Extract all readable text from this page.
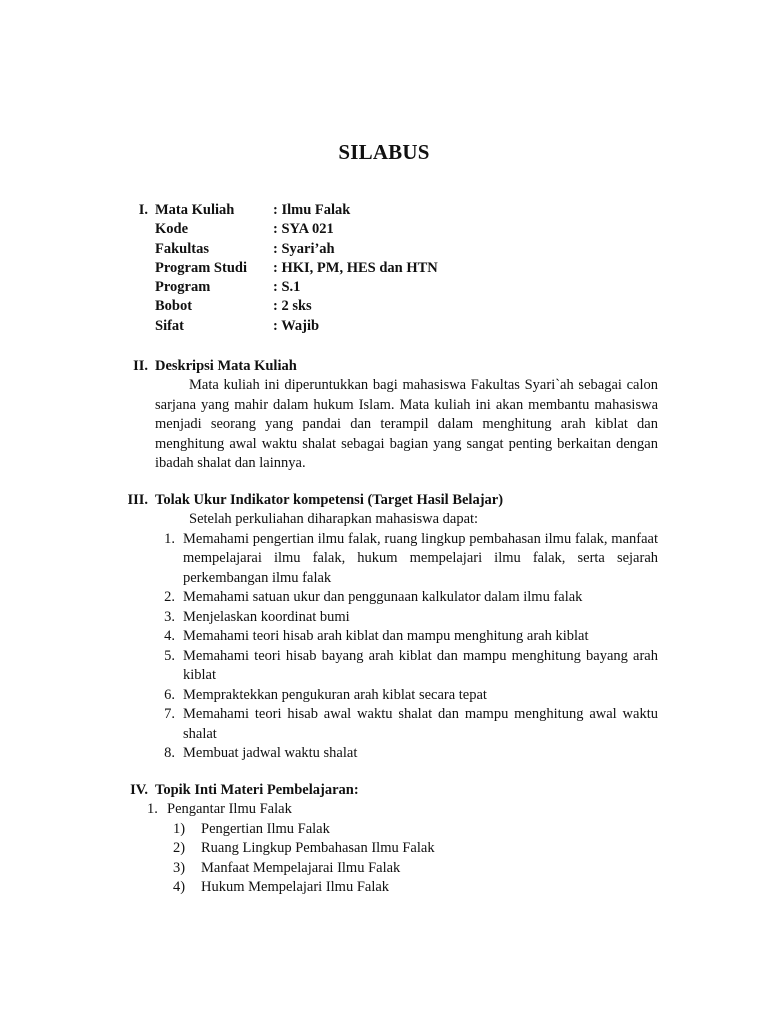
SILABUS
I. Mata Kuliah	: Ilmu Falak
Kode	: SYA 021
Fakultas	: Syari’ah
Program Studi	: HKI, PM, HES dan HTN
Program	: S.1
Bobot	: 2 sks
Sifat	: Wajib
II. Deskripsi Mata Kuliah
Mata kuliah ini diperuntukkan bagi mahasiswa Fakultas Syari`ah sebagai calon sarjana yang mahir dalam hukum Islam. Mata kuliah ini akan membantu mahasiswa menjadi seorang yang pandai dan terampil dalam menghitung arah kiblat dan menghitung awal waktu shalat sebagai bagian yang sangat penting berkaitan dengan ibadah shalat dan lainnya.
III. Tolak Ukur Indikator kompetensi (Target Hasil Belajar)
Setelah perkuliahan diharapkan mahasiswa dapat:
1. Memahami pengertian ilmu falak, ruang lingkup pembahasan ilmu falak, manfaat mempelajarai ilmu falak, hukum mempelajari ilmu falak, serta sejarah perkembangan ilmu falak
2. Memahami satuan ukur dan penggunaan kalkulator dalam ilmu falak
3. Menjelaskan koordinat bumi
4. Memahami teori hisab arah kiblat dan mampu menghitung arah kiblat
5. Memahami teori hisab bayang arah kiblat dan mampu menghitung bayang arah kiblat
6. Mempraktekkan pengukuran arah kiblat secara tepat
7. Memahami teori hisab awal waktu shalat dan mampu menghitung awal waktu shalat
8. Membuat jadwal waktu shalat
IV. Topik Inti Materi Pembelajaran:
1. Pengantar Ilmu Falak
1) Pengertian Ilmu Falak
2) Ruang Lingkup Pembahasan Ilmu Falak
3) Manfaat Mempelajarai Ilmu Falak
4) Hukum Mempelajari Ilmu Falak
